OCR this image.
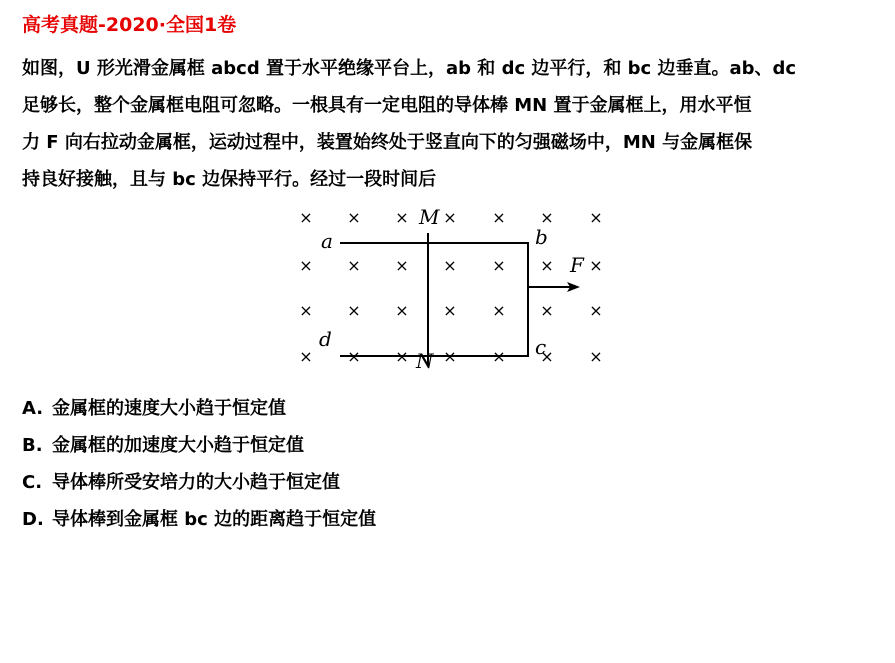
高考真题-2020·全国1卷
如图，U 形光滑金属框 abcd 置于水平绝缘平台上，ab 和 dc 边平行，和 bc 边垂直。ab、dc
足够长，整个金属框电阻可忽略。一根具有一定电阻的导体棒 MN 置于金属框上，用水平恒
力 F 向右拉动金属框，运动过程中，装置始终处于竖直向下的匀强磁场中，MN 与金属框保
持良好接触，且与 bc 边保持平行。经过一段时间后
× × × × × × ×
× × × × × × ×
× × × × × × ×
× × × × × × ×
a	b
c
d
M
N
F
A. 金属框的速度大小趋于恒定值
B. 金属框的加速度大小趋于恒定值
C. 导体棒所受安培力的大小趋于恒定值
D. 导体棒到金属框 bc 边的距离趋于恒定值
